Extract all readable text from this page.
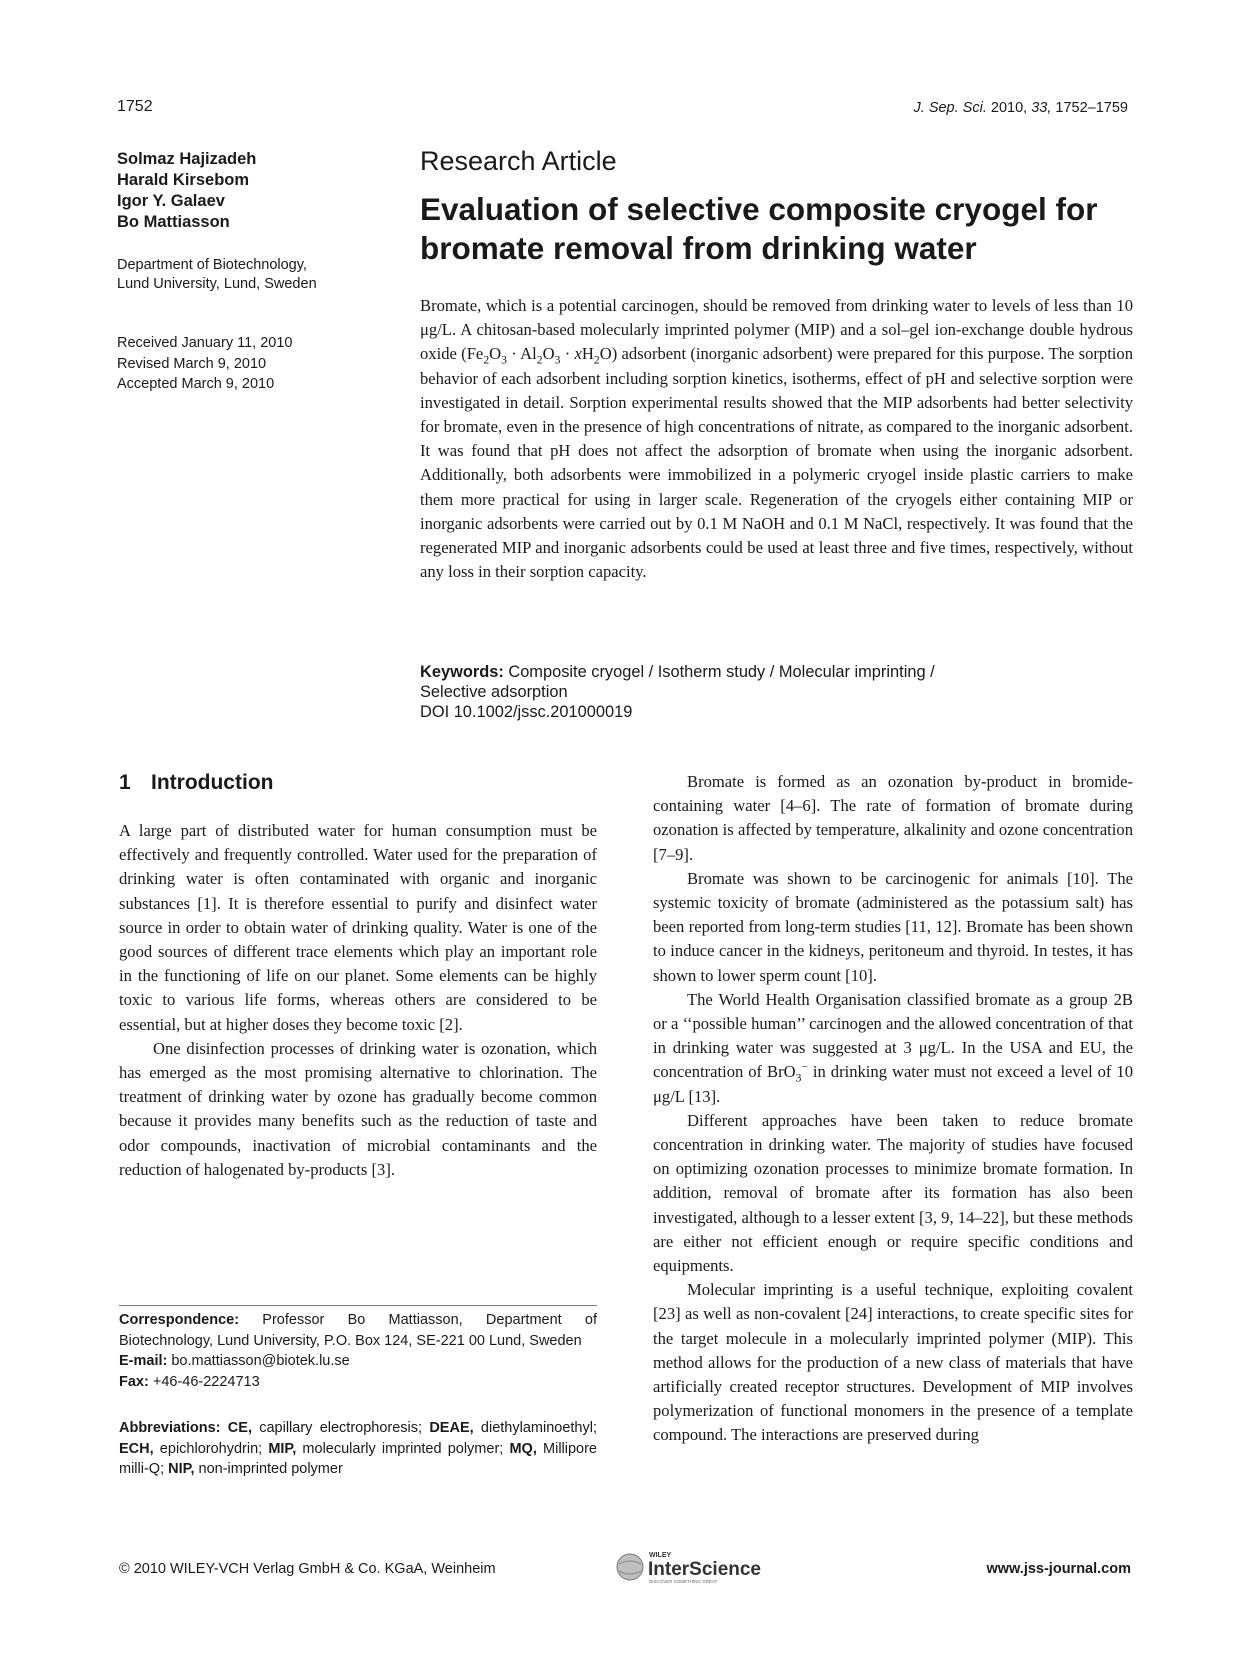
1752	J. Sep. Sci. 2010, 33, 1752–1759
Solmaz Hajizadeh
Harald Kirsebom
Igor Y. Galaev
Bo Mattiasson
Department of Biotechnology,
Lund University, Lund, Sweden
Received January 11, 2010
Revised March 9, 2010
Accepted March 9, 2010
Research Article
Evaluation of selective composite cryogel for bromate removal from drinking water
Bromate, which is a potential carcinogen, should be removed from drinking water to levels of less than 10 μg/L. A chitosan-based molecularly imprinted polymer (MIP) and a sol–gel ion-exchange double hydrous oxide $(Fe_2O_3 \cdot Al_2O_3 \cdot xH_2O)$ adsorbent (inorganic adsorbent) were prepared for this purpose. The sorption behavior of each adsorbent including sorption kinetics, isotherms, effect of pH and selective sorption were investigated in detail. Sorption experimental results showed that the MIP adsorbents had better selectivity for bromate, even in the presence of high concentrations of nitrate, as compared to the inorganic adsorbent. It was found that pH does not affect the adsorption of bromate when using the inorganic adsorbent. Additionally, both adsorbents were immobilized in a polymeric cryogel inside plastic carriers to make them more practical for using in larger scale. Regeneration of the cryogels either containing MIP or inorganic adsorbents were carried out by 0.1 M NaOH and 0.1 M NaCl, respectively. It was found that the regenerated MIP and inorganic adsorbents could be used at least three and five times, respectively, without any loss in their sorption capacity.
Keywords: Composite cryogel / Isotherm study / Molecular imprinting /
Selective adsorption
DOI 10.1002/jssc.201000019
1 Introduction

A large part of distributed water for human consumption must be effectively and frequently controlled. Water used for the preparation of drinking water is often contaminated with organic and inorganic substances [1]. It is therefore essential to purify and disinfect water source in order to obtain water of drinking quality. Water is one of the good sources of different trace elements which play an important role in the functioning of life on our planet. Some elements can be highly toxic to various life forms, whereas others are considered to be essential, but at higher doses they become toxic [2].

One disinfection processes of drinking water is ozonation, which has emerged as the most promising alternative to chlorination. The treatment of drinking water by ozone has gradually become common because it provides many benefits such as the reduction of taste and odor compounds, inactivation of microbial contaminants and the reduction of halogenated by-products [3].

Bromate is formed as an ozonation by-product in bromide-containing water [4–6]. The rate of formation of bromate during ozonation is affected by temperature, alkalinity and ozone concentration [7–9].

Bromate was shown to be carcinogenic for animals [10]. The systemic toxicity of bromate (administered as the potassium salt) has been reported from long-term studies [11, 12]. Bromate has been shown to induce cancer in the kidneys, peritoneum and thyroid. In testes, it has shown to lower sperm count [10].

The World Health Organisation classified bromate as a group 2B or a ‘‘possible human’’ carcinogen and the allowed concentration of that in drinking water was suggested at 3 μg/L. In the USA and EU, the concentration of BrO$_3$− in drinking water must not exceed a level of 10 μg/L [13].

Different approaches have been taken to reduce bromate concentration in drinking water. The majority of studies have focused on optimizing ozonation processes to minimize bromate formation. In addition, removal of bromate after its formation has also been investigated, although to a lesser extent [3, 9, 14–22], but these methods are either not efficient enough or require specific conditions and equipments.

Molecular imprinting is a useful technique, exploiting covalent [23] as well as non-covalent [24] interactions, to create specific sites for the target molecule in a molecularly imprinted polymer (MIP). This method allows for the production of a new class of materials that have artificially created receptor structures. Development of MIP involves polymerization of functional monomers in the presence of a template compound. The interactions are preserved during

Correspondence: Professor Bo Mattiasson, Department of Biotechnology, Lund University, P.O. Box 124, SE-221 00 Lund, Sweden
E-mail: bo.mattiasson@biotek.lu.se
Fax: +46-46-2224713
Abbreviations: CE, capillary electrophoresis; DEAE, diethylaminoethyl; ECH, epichlorohydrin; MIP, molecularly imprinted polymer; MQ, Millipore milli-Q; NIP, non-imprinted polymer
© 2010 WILEY-VCH Verlag GmbH & Co. KGaA, Weinheim
WILEY
InterScience
DISCOVER SOMETHING GREAT
www.jss-journal.com
